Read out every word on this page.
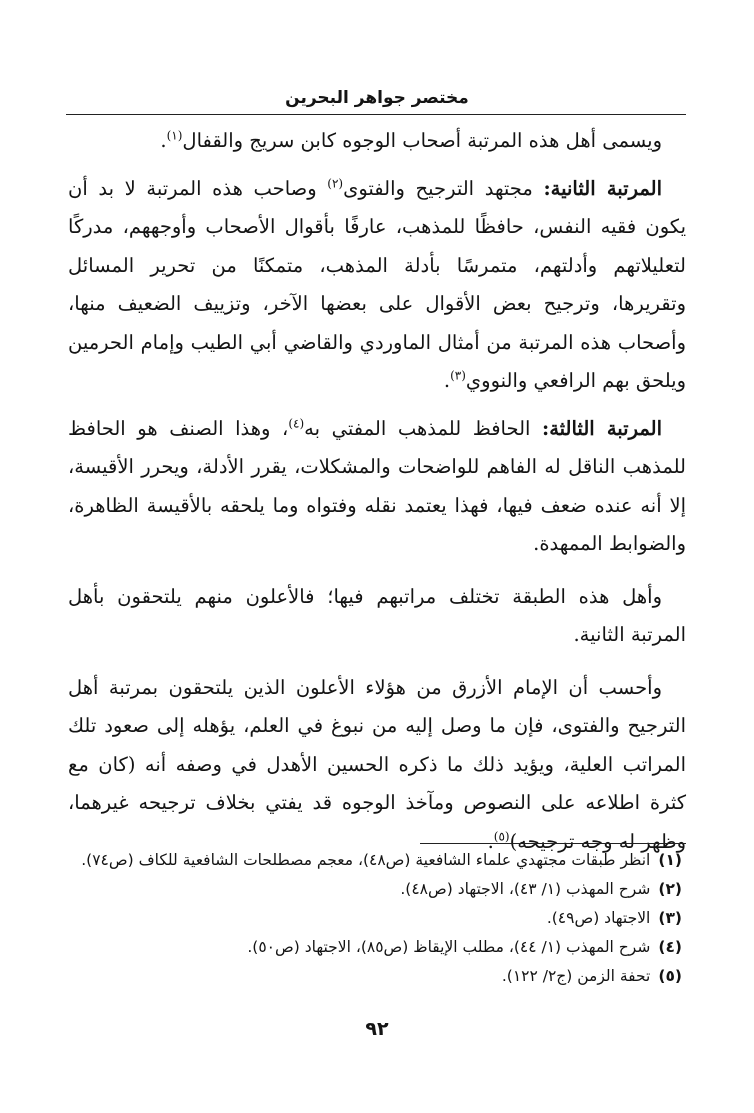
مختصر جواهر البحرين

ويسمى أهل هذه المرتبة أصحاب الوجوه كابن سريج والقفال$^{(١)}$.

المرتبة الثانية: مجتهد الترجيح والفتوى$^{(٢)}$ وصاحب هذه المرتبة لا بد أن يكون فقيه النفس، حافظًا للمذهب، عارفًا بأقوال الأصحاب وأوجههم، مدركًا لتعليلاتهم وأدلتهم، متمرسًا بأدلة المذهب، متمكنًا من تحرير المسائل وتقريرها، وترجيح بعض الأقوال على بعضها الآخر، وتزييف الضعيف منها، وأصحاب هذه المرتبة من أمثال الماوردي والقاضي أبي الطيب وإمام الحرمين ويلحق بهم الرافعي والنووي$^{(٣)}$.

المرتبة الثالثة: الحافظ للمذهب المفتي به$^{(٤)}$، وهذا الصنف هو الحافظ للمذهب الناقل له الفاهم للواضحات والمشكلات، يقرر الأدلة، ويحرر الأقيسة، إلا أنه عنده ضعف فيها، فهذا يعتمد نقله وفتواه وما يلحقه بالأقيسة الظاهرة، والضوابط الممهدة.

وأهل هذه الطبقة تختلف مراتبهم فيها؛ فالأعلون منهم يلتحقون بأهل المرتبة الثانية.

وأحسب أن الإمام الأزرق من هؤلاء الأعلون الذين يلتحقون بمرتبة أهل الترجيح والفتوى، فإن ما وصل إليه من نبوغ في العلم، يؤهله إلى صعود تلك المراتب العلية، ويؤيد ذلك ما ذكره الحسين الأهدل في وصفه أنه (كان مع كثرة اطلاعه على النصوص ومآخذ الوجوه قد يفتي بخلاف ترجيحه غيرهما، وظهر له وجه ترجيحه)$^{(٥)}$.

(١)
انظر طبقات مجتهدي علماء الشافعية (ص٤٨)، معجم مصطلحات الشافعية للكاف (ص٧٤).
(٢)
شرح المهذب (١/ ٤٣)، الاجتهاد (ص٤٨).
(٣)
الاجتهاد (ص٤٩).
(٤)
شرح المهذب (١/ ٤٤)، مطلب الإيقاظ (ص٨٥)، الاجتهاد (ص٥٠).
(٥)
تحفة الزمن (ج٢/ ١٢٢).
٩٢
